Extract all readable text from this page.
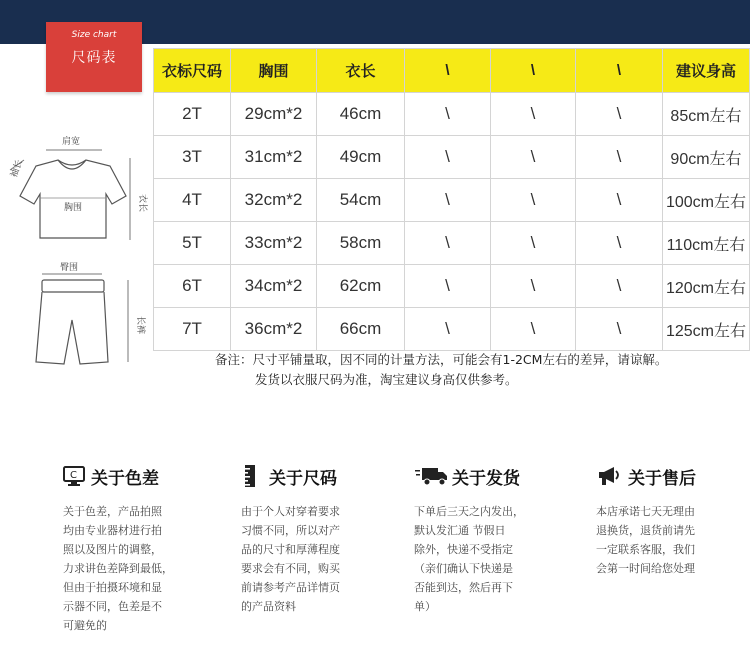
Size chart
尺码表
肩宽
胸围	衣长
袖长
臀围
长裤
衣标尺码	胸围	衣长	\	\	\	建议身高
2T	29cm*2	46cm	\	\	\	85cm左右
3T	31cm*2	49cm	\	\	\	90cm左右
4T	32cm*2	54cm	\	\	\	100cm左右
5T	33cm*2	58cm	\	\	\	110cm左右
6T	34cm*2	62cm	\	\	\	120cm左右
7T	36cm*2	66cm	\	\	\	125cm左右
备注：尺寸平铺量取，因不同的计量方法，可能会有1-2CM左右的差异，请谅解。
发货以衣服尺码为准，淘宝建议身高仅供参考。
C 关于色差
关于色差，产品拍照
均由专业器材进行拍
照以及图片的调整，
力求讲色差降到最低，
但由于拍摄环境和显
示器不同，色差是不
可避免的
关于尺码
由于个人对穿着要求
习惯不同，所以对产
品的尺寸和厚薄程度
要求会有不同，购买
前请参考产品详情页
的产品资料
关于发货
下单后三天之内发出，
默认发汇通 节假日
除外，快递不受指定
（亲们确认下快递是
否能到达，然后再下
单）
关于售后
本店承诺七天无理由
退换货，退货前请先
一定联系客服，我们
会第一时间给您处理
